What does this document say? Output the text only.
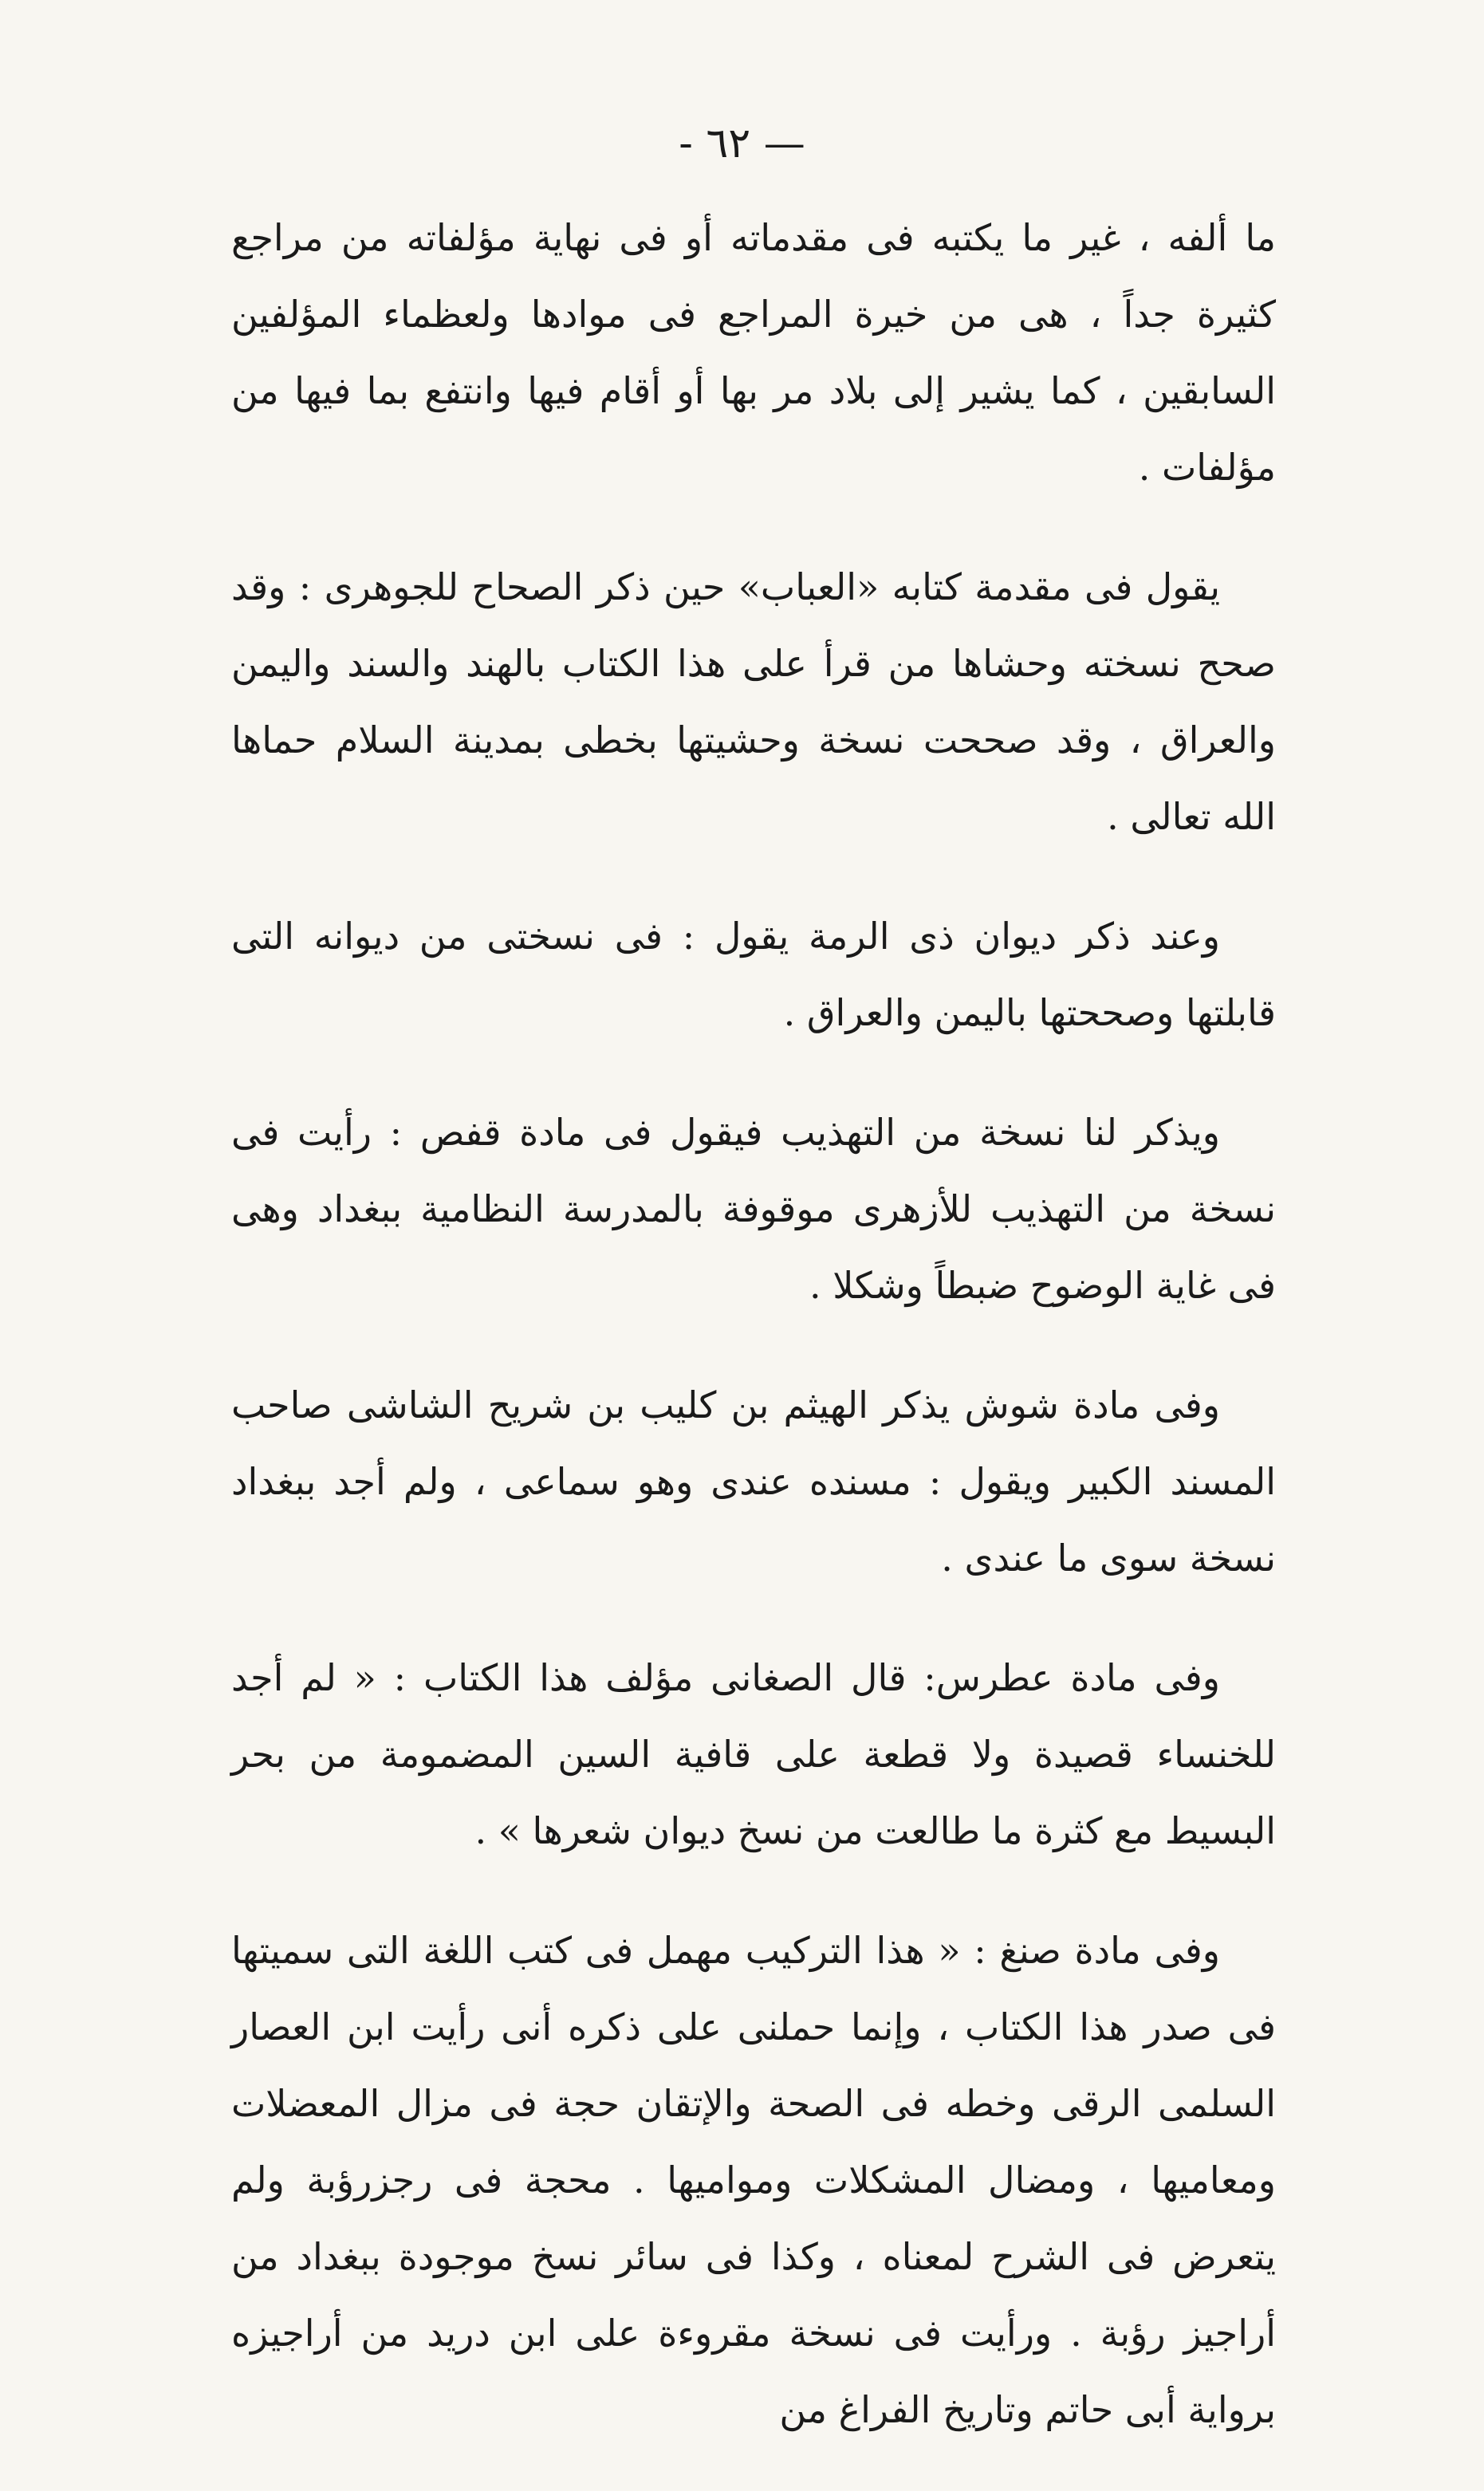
— ٦٢ -

ما ألفه ، غير ما يكتبه فى مقدماته أو فى نهاية مؤلفاته من مراجع كثيرة جداً ، هى من خيرة المراجع فى موادها ولعظماء المؤلفين السابقين ، كما يشير إلى بلاد مر بها أو أقام فيها وانتفع بما فيها من مؤلفات .

يقول فى مقدمة كتابه «العباب» حين ذكر الصحاح للجوهرى : وقد صحح نسخته وحشاها من قرأ على هذا الكتاب بالهند والسند واليمن والعراق ، وقد صححت نسخة وحشيتها بخطى بمدينة السلام حماها الله تعالى .

وعند ذكر ديوان ذى الرمة يقول : فى نسختى من ديوانه التى قابلتها وصححتها باليمن والعراق .

ويذكر لنا نسخة من التهذيب فيقول فى مادة قفص : رأيت فى نسخة من التهذيب للأزهرى موقوفة بالمدرسة النظامية ببغداد وهى فى غاية الوضوح ضبطاً وشكلا .

وفى مادة شوش يذكر الهيثم بن كليب بن شريح الشاشى صاحب المسند الكبير ويقول : مسنده عندى وهو سماعى ، ولم أجد ببغداد نسخة سوى ما عندى .

وفى مادة عطرس: قال الصغانى مؤلف هذا الكتاب : « لم أجد للخنساء قصيدة ولا قطعة على قافية السين المضمومة من بحر البسيط مع كثرة ما طالعت من نسخ ديوان شعرها » .

وفى مادة صنغ : « هذا التركيب مهمل فى كتب اللغة التى سميتها فى صدر هذا الكتاب ، وإنما حملنى على ذكره أنى رأيت ابن العصار السلمى الرقى وخطه فى الصحة والإتقان حجة فى مزال المعضلات ومعاميها ، ومضال المشكلات ومواميها . محجة فى رجزرؤبة ولم يتعرض فى الشرح لمعناه ، وكذا فى سائر نسخ موجودة ببغداد من أراجيز رؤبة . ورأيت فى نسخة مقروءة على ابن دريد من أراجيزه برواية أبى حاتم وتاريخ الفراغ من
